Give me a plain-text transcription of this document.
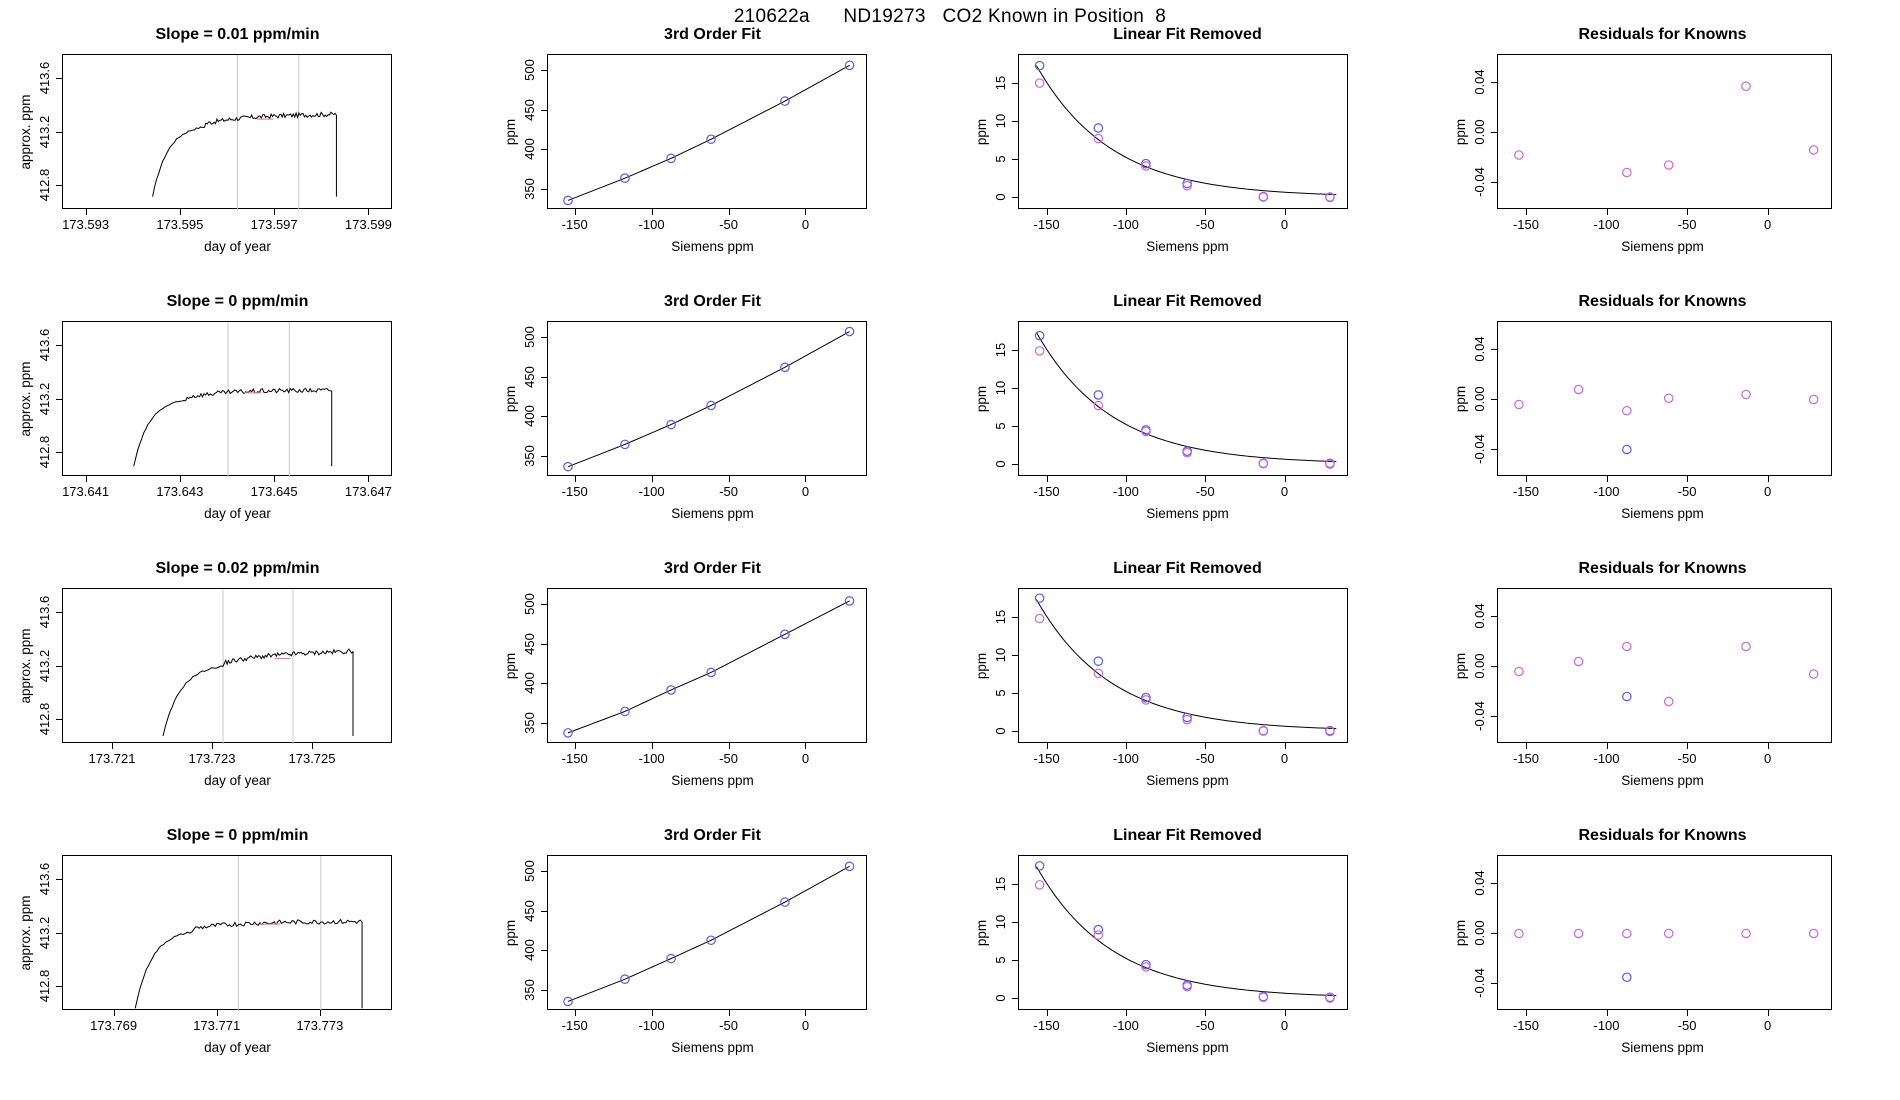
210622a      ND19273   CO2 Known in Position  8
Slope = 0.01 ppm/min
173.593	173.595	173.597	173.599
412.8
413.2
413.6
day of year
approx. ppm
3rd Order Fit
-150	-100	-50	0
350
400
450
500
Siemens ppm
ppm
Linear Fit Removed
-150	-100	-50	0
0
5
10
15
Siemens ppm
ppm
Residuals for Knowns
-150	-100	-50	0
-0.04
0.00
0.04
Siemens ppm
ppm
Slope = 0 ppm/min
173.641	173.643	173.645	173.647
412.8
413.2
413.6
day of year
approx. ppm
3rd Order Fit
-150	-100	-50	0
350
400
450
500
Siemens ppm
ppm
Linear Fit Removed
-150	-100	-50	0
0
5
10
15
Siemens ppm
ppm
Residuals for Knowns
-150	-100	-50	0
-0.04
0.00
0.04
Siemens ppm
ppm
Slope = 0.02 ppm/min
173.721	173.723	173.725
412.8
413.2
413.6
day of year
approx. ppm
3rd Order Fit
-150	-100	-50	0
350
400
450
500
Siemens ppm
ppm
Linear Fit Removed
-150	-100	-50	0
0
5
10
15
Siemens ppm
ppm
Residuals for Knowns
-150	-100	-50	0
-0.04
0.00
0.04
Siemens ppm
ppm
Slope = 0 ppm/min
173.769	173.771	173.773
412.8
413.2
413.6
day of year
approx. ppm
3rd Order Fit
-150	-100	-50	0
350
400
450
500
Siemens ppm
ppm
Linear Fit Removed
-150	-100	-50	0
0
5
10
15
Siemens ppm
ppm
Residuals for Knowns
-150	-100	-50	0
-0.04
0.00
0.04
Siemens ppm
ppm
